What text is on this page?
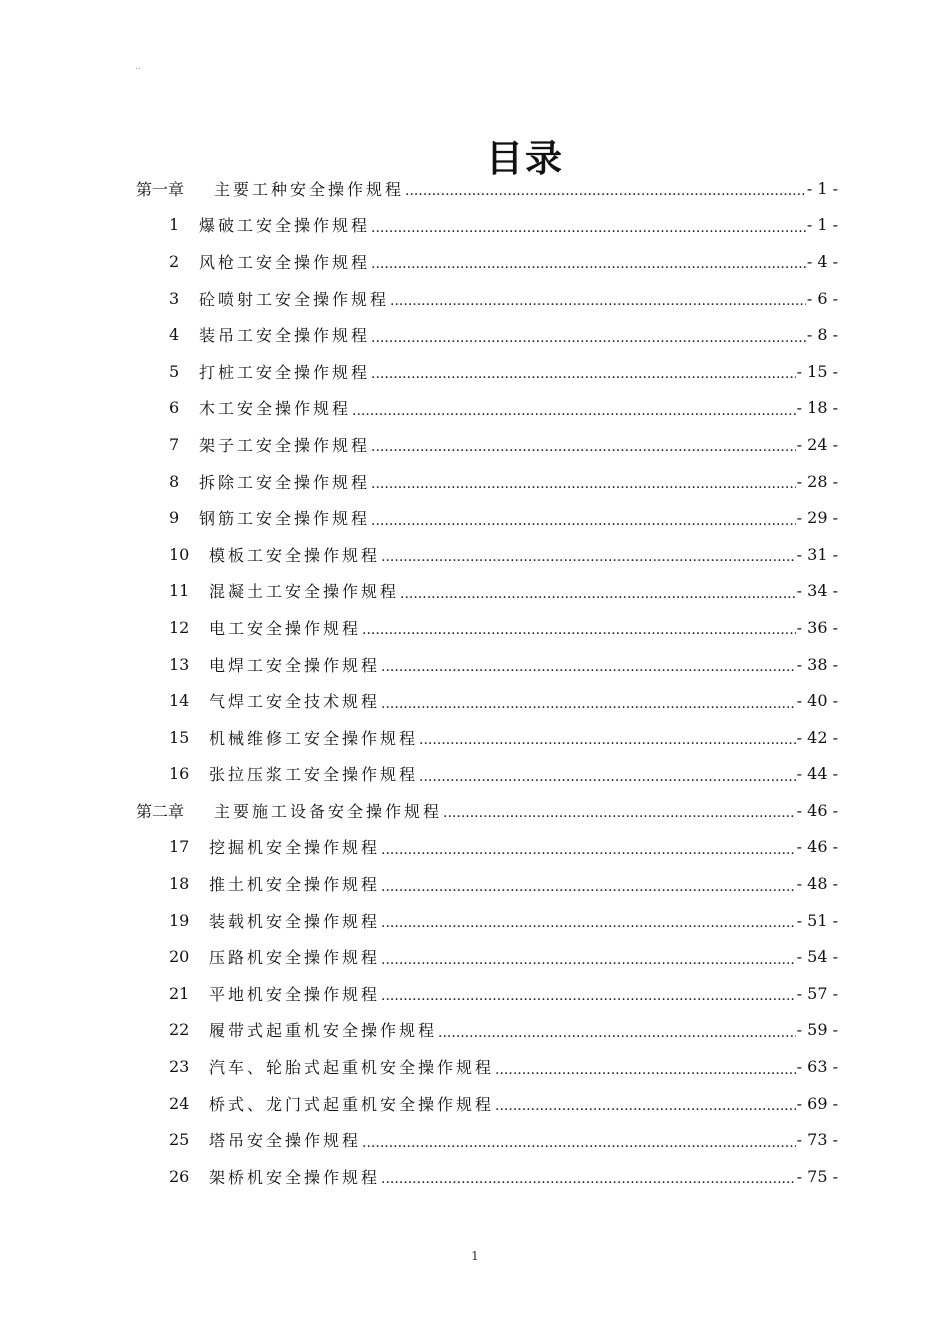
..
目录
第一章	主要工种安全操作规程 .....	- 1 -
1	爆破工安全操作规程 .....	- 1 -
2	风枪工安全操作规程 .....	- 4 -
3	砼喷射工安全操作规程 .....	- 6 -
4	装吊工安全操作规程 .....	- 8 -
5	打桩工安全操作规程 .....	- 15 -
6	木工安全操作规程 .....	- 18 -
7	架子工安全操作规程 .....	- 24 -
8	拆除工安全操作规程 .....	- 28 -
9	钢筋工安全操作规程 .....	- 29 -
10	模板工安全操作规程 .....	- 31 -
11	混凝土工安全操作规程 .....	- 34 -
12	电工安全操作规程 .....	- 36 -
13	电焊工安全操作规程 .....	- 38 -
14	气焊工安全技术规程 .....	- 40 -
15	机械维修工安全操作规程 .....	- 42 -
16	张拉压浆工安全操作规程 .....	- 44 -
第二章	主要施工设备安全操作规程 .....	- 46 -
17	挖掘机安全操作规程 .....	- 46 -
18	推土机安全操作规程 .....	- 48 -
19	装载机安全操作规程 .....	- 51 -
20	压路机安全操作规程 .....	- 54 -
21	平地机安全操作规程 .....	- 57 -
22	履带式起重机安全操作规程 .....	- 59 -
23	汽车、轮胎式起重机安全操作规程 .....	- 63 -
24	桥式、龙门式起重机安全操作规程 .....	- 69 -
25	塔吊安全操作规程 .....	- 73 -
26	架桥机安全操作规程 .....	- 75 -
1
